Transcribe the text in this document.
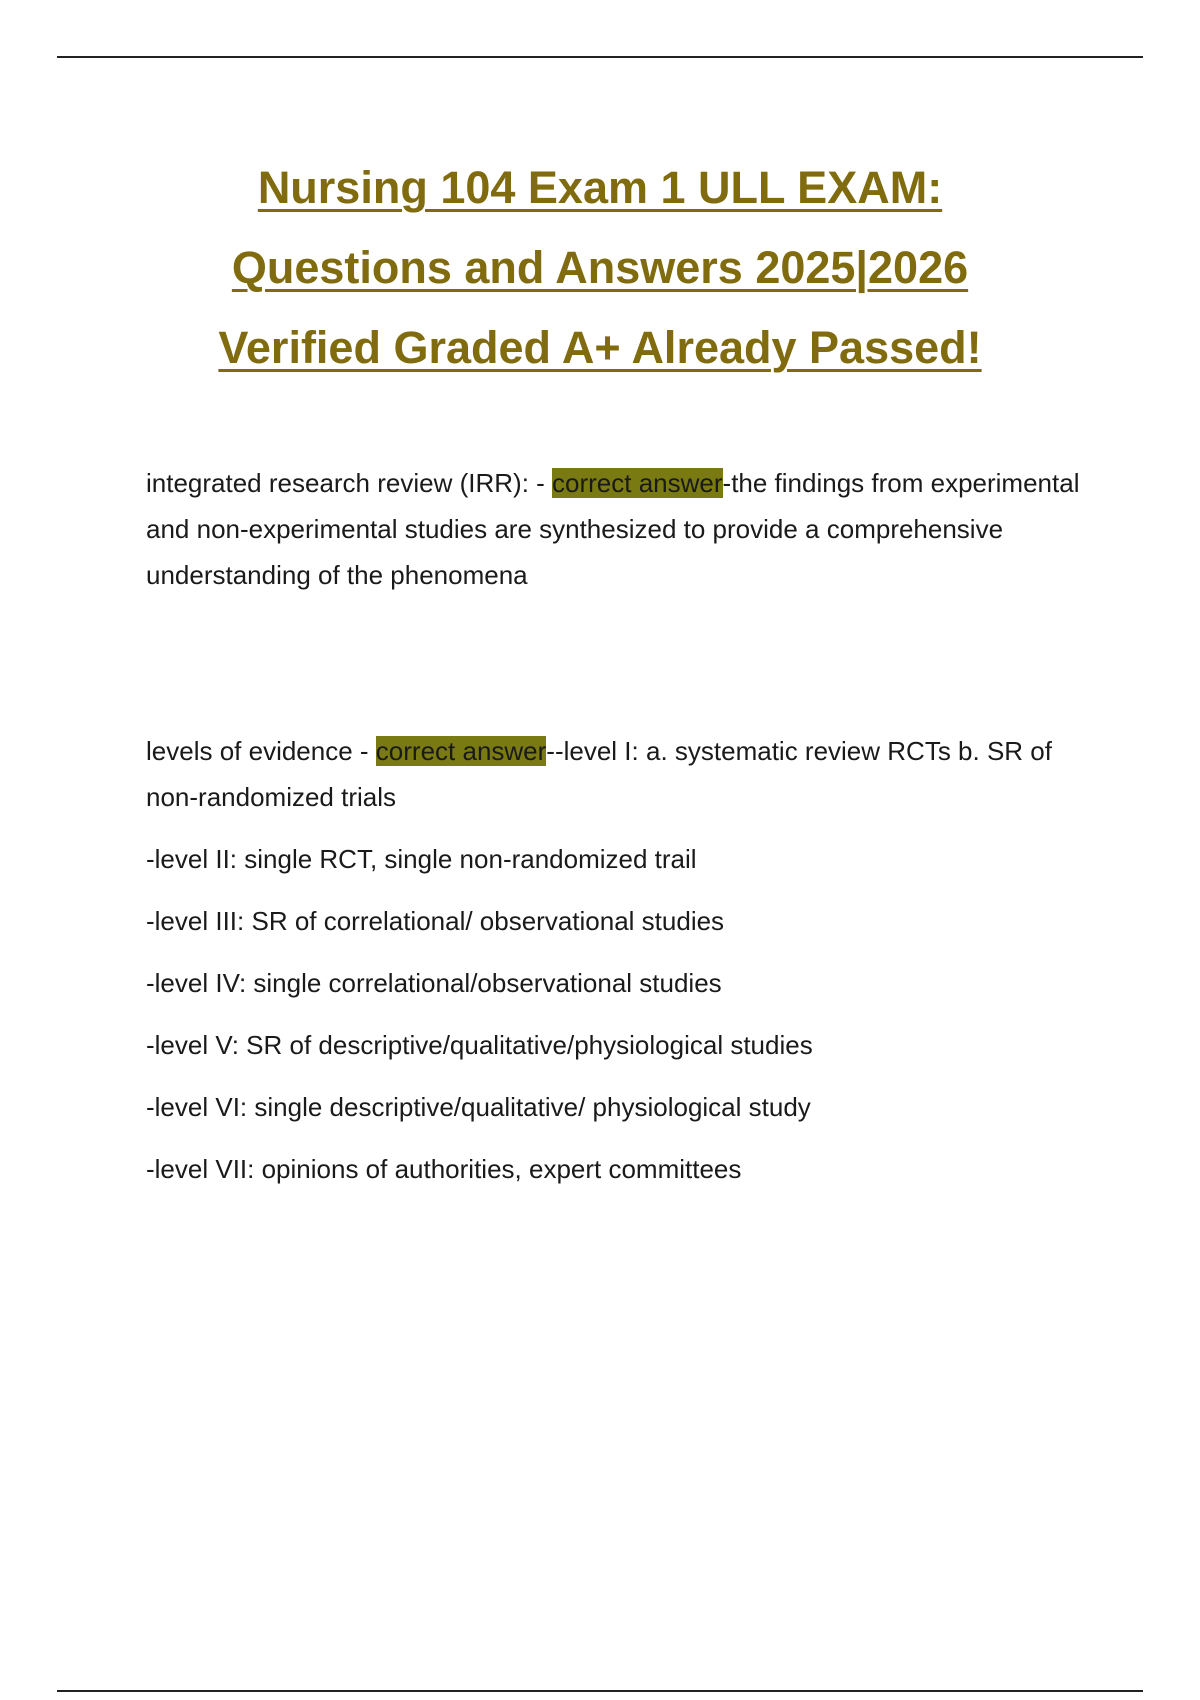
Nursing 104 Exam 1 ULL EXAM:
Questions and Answers 2025|2026
Verified Graded A+ Already Passed!

integrated research review (IRR): - correct answer-the findings from experimental and non-experimental studies are synthesized to provide a comprehensive understanding of the phenomena

levels of evidence - correct answer--level I: a. systematic review RCTs b. SR of non-randomized trials

-level II: single RCT, single non-randomized trail

-level III: SR of correlational/ observational studies

-level IV: single correlational/observational studies

-level V: SR of descriptive/qualitative/physiological studies

-level VI: single descriptive/qualitative/ physiological study

-level VII: opinions of authorities, expert committees
